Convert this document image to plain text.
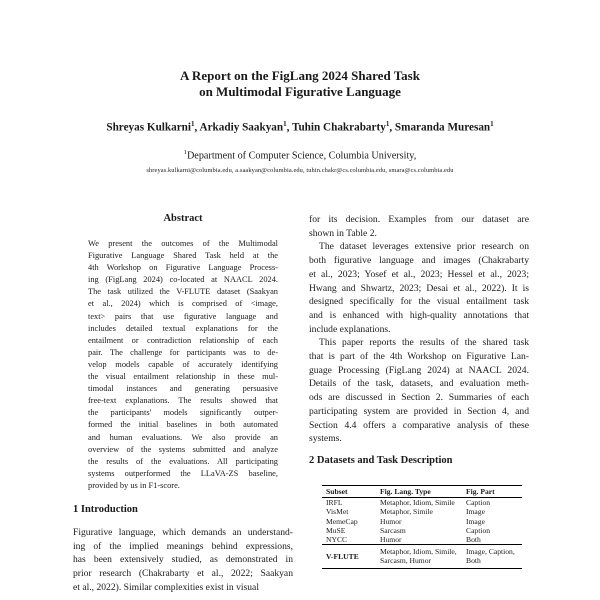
A Report on the FigLang 2024 Shared Task
on Multimodal Figurative Language
Shreyas Kulkarni$^1$, Arkadiy Saakyan$^1$, Tuhin Chakrabarty$^1$, Smaranda Muresan$^1$
$^1$Department of Computer Science, Columbia University,
shreyas.kulkarni@columbia.edu, a.saakyan@columbia.edu, tuhin.chakr@cs.columbia.edu, smara@cs.columbia.edu
Abstract
We present the outcomes of the Multimodal
Figurative Language Shared Task held at the
4th Workshop on Figurative Language Process-
ing (FigLang 2024) co-located at NAACL 2024.
The task utilized the V-FLUTE dataset (Saakyan
et al., 2024) which is comprised of <image,
text> pairs that use figurative language and
includes detailed textual explanations for the
entailment or contradiction relationship of each
pair. The challenge for participants was to de-
velop models capable of accurately identifying
the visual entailment relationship in these mul-
timodal instances and generating persuasive
free-text explanations. The results showed that
the participants' models significantly outper-
formed the initial baselines in both automated
and human evaluations. We also provide an
overview of the systems submitted and analyze
the results of the evaluations. All participating
systems outperformed the LLaVA-ZS baseline,
provided by us in F1-score.
1 Introduction
Figurative language, which demands an understand-
ing of the implied meanings behind expressions,
has been extensively studied, as demonstrated in
prior research (Chakrabarty et al., 2022; Saakyan
et al., 2022). Similar complexities exist in visual
for its decision. Examples from our dataset are
shown in Table 2.
The dataset leverages extensive prior research on
both figurative language and images (Chakrabarty
et al., 2023; Yosef et al., 2023; Hessel et al., 2023;
Hwang and Shwartz, 2023; Desai et al., 2022). It is
designed specifically for the visual entailment task
and is enhanced with high-quality annotations that
include explanations.
This paper reports the results of the shared task
that is part of the 4th Workshop on Figurative Lan-
guage Processing (FigLang 2024) at NAACL 2024.
Details of the task, datasets, and evaluation meth-
ods are discussed in Section 2. Summaries of each
participating system are provided in Section 4, and
Section 4.4 offers a comparative analysis of these
systems.
2 Datasets and Task Description
Subset	Fig. Lang. Type	Fig. Part
IRFL	Metaphor, Idiom, Simile	Caption
VisMet	Metaphor, Simile	Image
MemeCap	Humor	Image
MuSE	Sarcasm	Caption
NYCC	Humor	Both
V-FLUTE	Metaphor, Idiom, Simile, Sarcasm, Humor	Image, Caption, Both
